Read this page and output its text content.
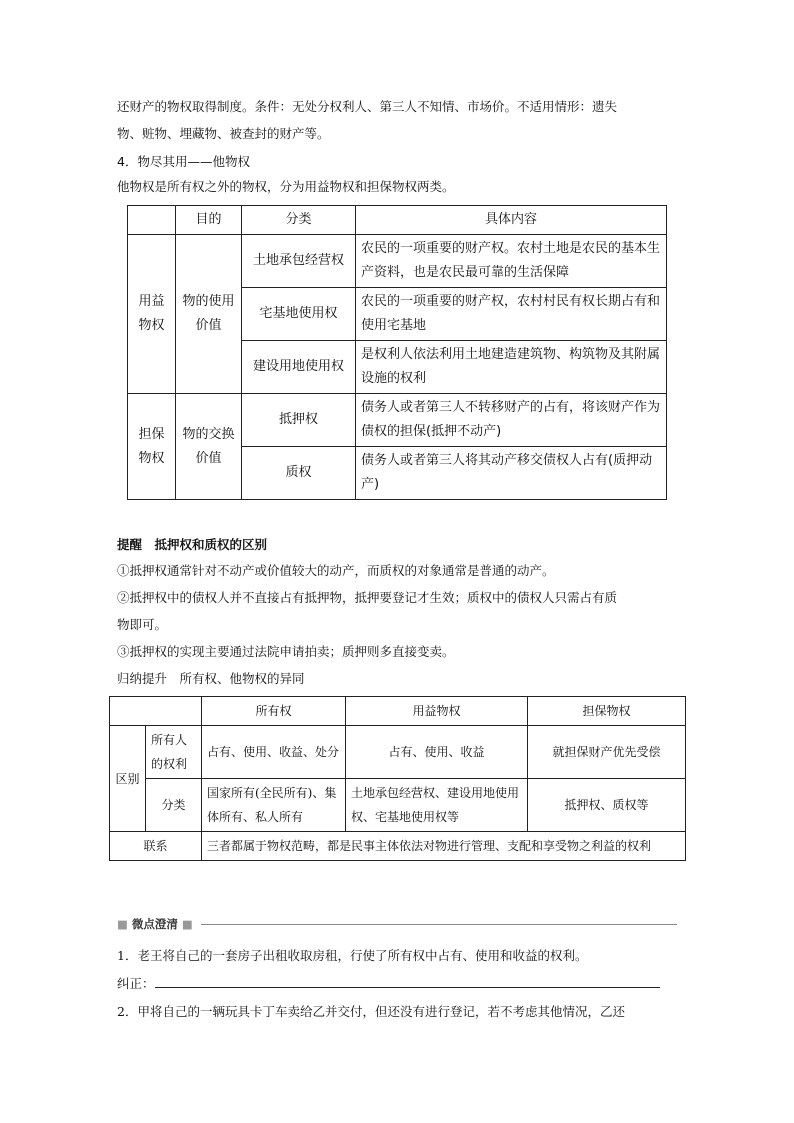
还财产的物权取得制度。条件：无处分权利人、第三人不知情、市场价。不适用情形：遗失
物、赃物、埋藏物、被查封的财产等。
4．物尽其用——他物权
他物权是所有权之外的物权，分为用益物权和担保物权两类。
	目的	分类	具体内容
用益物权	物的使用价值	土地承包经营权	农民的一项重要的财产权。农村土地是农民的基本生产资料，也是农民最可靠的生活保障
		宅基地使用权	农民的一项重要的财产权，农村村民有权长期占有和使用宅基地
		建设用地使用权	是权利人依法利用土地建造建筑物、构筑物及其附属设施的权利
担保物权	物的交换价值	抵押权	债务人或者第三人不转移财产的占有，将该财产作为债权的担保(抵押不动产)
		质权	债务人或者第三人将其动产移交债权人占有(质押动产)
提醒　抵押权和质权的区别
①抵押权通常针对不动产或价值较大的动产，而质权的对象通常是普通的动产。
②抵押权中的债权人并不直接占有抵押物，抵押要登记才生效；质权中的债权人只需占有质
物即可。
③抵押权的实现主要通过法院申请拍卖；质押则多直接变卖。
归纳提升　所有权、他物权的异同
		所有权	用益物权	担保物权
区别	所有人的权利	占有、使用、收益、处分	占有、使用、收益	就担保财产优先受偿
	分类	国家所有(全民所有)、集体所有、私人所有	土地承包经营权、建设用地使用权、宅基地使用权等	抵押权、质权等
联系		三者都属于物权范畴，都是民事主体依法对物进行管理、支配和享受物之利益的权利		
■ 微点澄清 ■
1．老王将自己的一套房子出租收取房租，行使了所有权中占有、使用和收益的权利。
纠正：
2．甲将自己的一辆玩具卡丁车卖给乙并交付，但还没有进行登记，若不考虑其他情况，乙还
